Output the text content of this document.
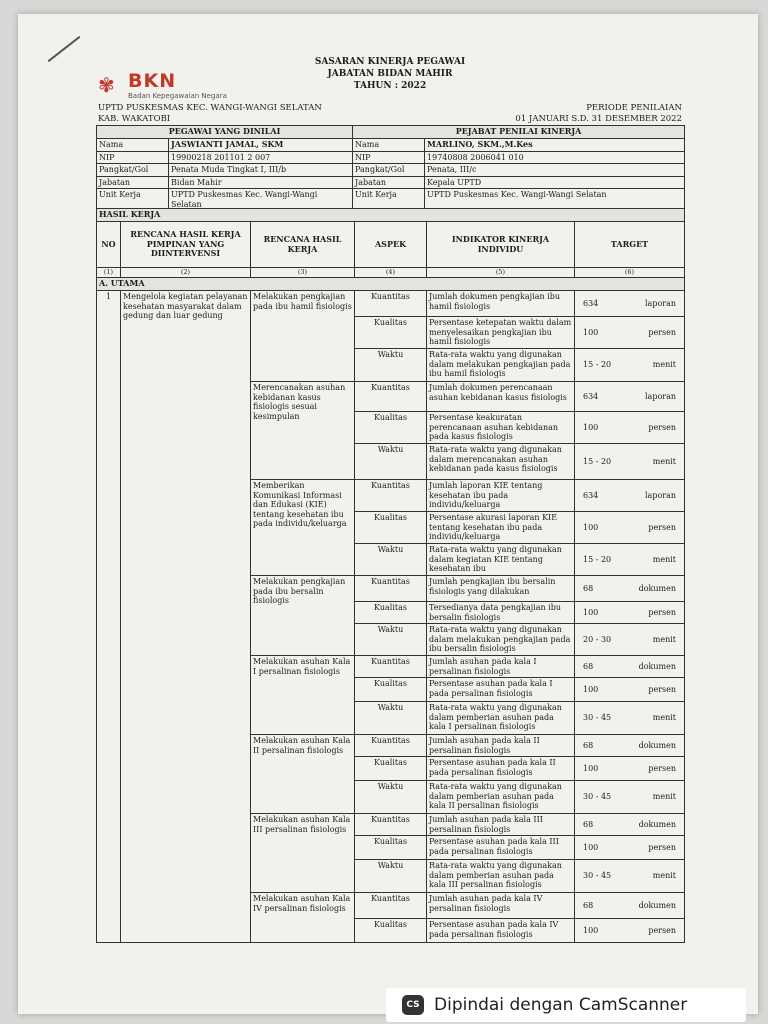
✾ BKN
Badan Kepegawaian Negara
SASARAN KINERJA PEGAWAI
JABATAN BIDAN MAHIR
TAHUN : 2022
UPTD PUSKESMAS KEC. WANGI-WANGI SELATAN
KAB. WAKATOBI
PERIODE PENILAIAN
01 JANUARI S.D. 31 DESEMBER 2022
PEGAWAI YANG DINILAI		PEJABAT PENILAI KINERJA	
Nama	JASWIANTI JAMAL, SKM	Nama	MARLINO, SKM.,M.Kes
NIP	19900218 201101 2 007	NIP	19740808 2006041 010
Pangkat/Gol	Penata Muda Tingkat I, III/b	Pangkat/Gol	Penata, III/c
Jabatan	Bidan Mahir	Jabatan	Kepala UPTD
Unit Kerja	UPTD Puskesmas Kec. Wangi-Wangi Selatan	Unit Kerja	UPTD Puskesmas Kec. Wangi-Wangi Selatan
HASIL KERJA					
NO	RENCANA HASIL KERJA PIMPINAN YANG DIINTERVENSI	RENCANA HASIL KERJA	ASPEK	INDIKATOR KINERJA INDIVIDU	TARGET
(1)	(2)	(3)	(4)	(5)	(6)
A. UTAMA					
1	Mengelola kegiatan pelayanan kesehatan masyarakat dalam gedung dan luar gedung	Melakukan pengkajian pada ibu hamil fisiologis	Kuantitas	Jumlah dokumen pengkajian ibu hamil fisiologis	634 laporan

			Kualitas	Persentase ketepatan waktu dalam menyelesaikan pengkajian ibu hamil fisiologis	100 persen

			Waktu	Rata-rata waktu yang digunakan dalam melakukan pengkajian pada ibu hamil fisiologis	15 - 20 menit

		Merencanakan asuhan kebidanan kasus fisiologis sesuai kesimpulan	Kuantitas	Jumlah dokumen perencanaan asuhan kebidanan kasus fisiologis	634 laporan

			Kualitas	Persentase keakuratan perencanaan asuhan kebidanan pada kasus fisiologis	100 persen

			Waktu	Rata-rata waktu yang digunakan dalam merencanakan asuhan kebidanan pada kasus fisiologis	15 - 20 menit

		Memberikan Komunikasi Informasi dan Edukasi (KIE) tentang kesehatan ibu pada individu/keluarga	Kuantitas	Jumlah laporan KIE tentang kesehatan ibu pada individu/keluarga	634 laporan

			Kualitas	Persentase akurasi laporan KIE tentang kesehatan ibu pada individu/keluarga	100 persen

			Waktu	Rata-rata waktu yang digunakan dalam kegiatan KIE tentang kesehatan ibu	15 - 20 menit

		Melakukan pengkajian pada ibu bersalin fisiologis	Kuantitas	Jumlah pengkajian ibu bersalin fisiologis yang dilakukan	68 dokumen

			Kualitas	Tersedianya data pengkajian ibu bersalin fisiologis	100 persen

			Waktu	Rata-rata waktu yang digunakan dalam melakukan pengkajian pada ibu bersalin fisiologis	20 - 30 menit

		Melakukan asuhan Kala I persalinan fisiologis	Kuantitas	Jumlah asuhan pada kala I persalinan fisiologis	68 dokumen

			Kualitas	Persentase asuhan pada kala I pada persalinan fisiologis	100 persen

			Waktu	Rata-rata waktu yang digunakan dalam pemberian asuhan pada kala I persalinan fisiologis	30 - 45 menit

		Melakukan asuhan Kala II persalinan fisiologis	Kuantitas	Jumlah asuhan pada kala II persalinan fisiologis	68 dokumen

			Kualitas	Persentase asuhan pada kala II pada persalinan fisiologis	100 persen

			Waktu	Rata-rata waktu yang digunakan dalam pemberian asuhan pada kala II persalinan fisiologis	30 - 45 menit

		Melakukan asuhan Kala III persalinan fisiologis	Kuantitas	Jumlah asuhan pada kala III persalinan fisiologis	68 dokumen

			Kualitas	Persentase asuhan pada kala III pada persalinan fisiologis	100 persen

			Waktu	Rata-rata waktu yang digunakan dalam pemberian asuhan pada kala III persalinan fisiologis	30 - 45 menit

		Melakukan asuhan Kala IV persalinan fisiologis	Kuantitas	Jumlah asuhan pada kala IV persalinan fisiologis	68 dokumen

			Kualitas	Persentase asuhan pada kala IV pada persalinan fisiologis	100 persen
CS Dipindai dengan CamScanner
